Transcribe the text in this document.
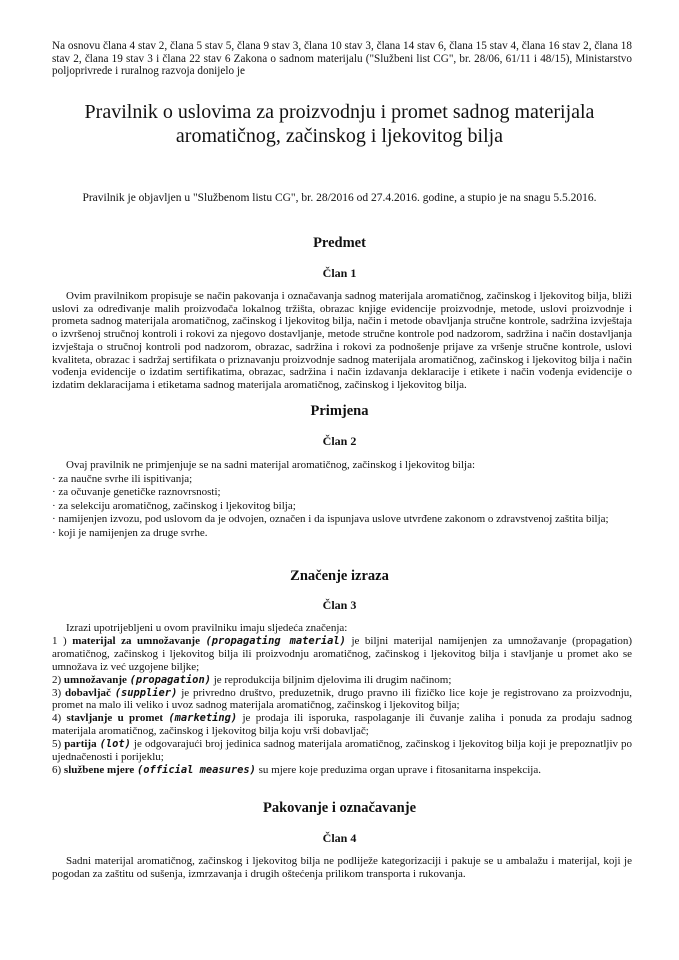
Na osnovu člana 4 stav 2, člana 5 stav 5, člana 9 stav 3, člana 10 stav 3, člana 14 stav 6, člana 15 stav 4, člana 16 stav 2, člana 18 stav 2, člana 19 stav 3 i člana 22 stav 6 Zakona o sadnom materijalu ("Službeni list CG", br. 28/06, 61/11 i 48/15), Ministarstvo poljoprivrede i ruralnog razvoja donijelo je
Pravilnik o uslovima za proizvodnju i promet sadnog materijala
aromatičnog, začinskog i ljekovitog bilja
Pravilnik je objavljen u "Službenom listu CG", br. 28/2016 od 27.4.2016. godine, a stupio je na snagu 5.5.2016.
Predmet
Član 1

Ovim pravilnikom propisuje se način pakovanja i označavanja sadnog materijala aromatičnog, začinskog i ljekovitog bilja, bliži uslovi za određivanje malih proizvođača lokalnog tržišta, obrazac knjige evidencije proizvodnje, metode, uslovi proizvodnje i prometa sadnog materijala aromatičnog, začinskog i ljekovitog bilja, način i metode obavljanja stručne kontrole, sadržina izvještaja o izvršenoj stručnoj kontroli i rokovi za njegovo dostavljanje, metode stručne kontrole pod nadzorom, sadržina i način dostavljanja izvještaja o stručnoj kontroli pod nadzorom, obrazac, sadržina i rokovi za podnošenje prijave za vršenje stručne kontrole, uslovi kvaliteta, obrazac i sadržaj sertifikata o priznavanju proizvodnje sadnog materijala aromatičnog, začinskog i ljekovitog bilja i način vođenja evidencije o izdatim sertifikatima, obrazac, sadržina i način izdavanja deklaracije i etikete i način vođenja evidencije o izdatim deklaracijama i etiketama sadnog materijala aromatičnog, začinskog i ljekovitog bilja.

Primjena
Član 2

Ovaj pravilnik ne primjenjuje se na sadni materijal aromatičnog, začinskog i ljekovitog bilja:

· za naučne svrhe ili ispitivanja;

· za očuvanje genetičke raznovrsnosti;

· za selekciju aromatičnog, začinskog i ljekovitog bilja;

· namijenjen izvozu, pod uslovom da je odvojen, označen i da ispunjava uslove utvrđene zakonom o zdravstvenoj zaštita bilja;

· koji je namijenjen za druge svrhe.

Značenje izraza
Član 3

Izrazi upotrijebljeni u ovom pravilniku imaju sljedeća značenja:

1 ) materijal za umnožavanje (propagating material) je biljni materijal namijenjen za umnožavanje (propagation) aromatičnog, začinskog i ljekovitog bilja ili proizvodnju aromatičnog, začinskog i ljekovitog bilja i stavljanje u promet ako se umnožava iz već uzgojene biljke;

2) umnožavanje (propagation) je reprodukcija biljnim djelovima ili drugim načinom;

3) dobavljač (supplier) je privredno društvo, preduzetnik, drugo pravno ili fizičko lice koje je registrovano za proizvodnju, promet na malo ili veliko i uvoz sadnog materijala aromatičnog, začinskog i ljekovitog bilja;

4) stavljanje u promet (marketing) je prodaja ili isporuka, raspolaganje ili čuvanje zaliha i ponuda za prodaju sadnog materijala aromatičnog, začinskog i ljekovitog bilja koju vrši dobavljač;

5) partija (lot) je odgovarajući broj jedinica sadnog materijala aromatičnog, začinskog i ljekovitog bilja koji je prepoznatljiv po ujednačenosti i porijeklu;

6) službene mjere (official measures) su mjere koje preduzima organ uprave i fitosanitarna inspekcija.

Pakovanje i označavanje
Član 4

Sadni materijal aromatičnog, začinskog i ljekovitog bilja ne podliježe kategorizaciji i pakuje se u ambalažu i materijal, koji je pogodan za zaštitu od sušenja, izmrzavanja i drugih oštećenja prilikom transporta i rukovanja.
